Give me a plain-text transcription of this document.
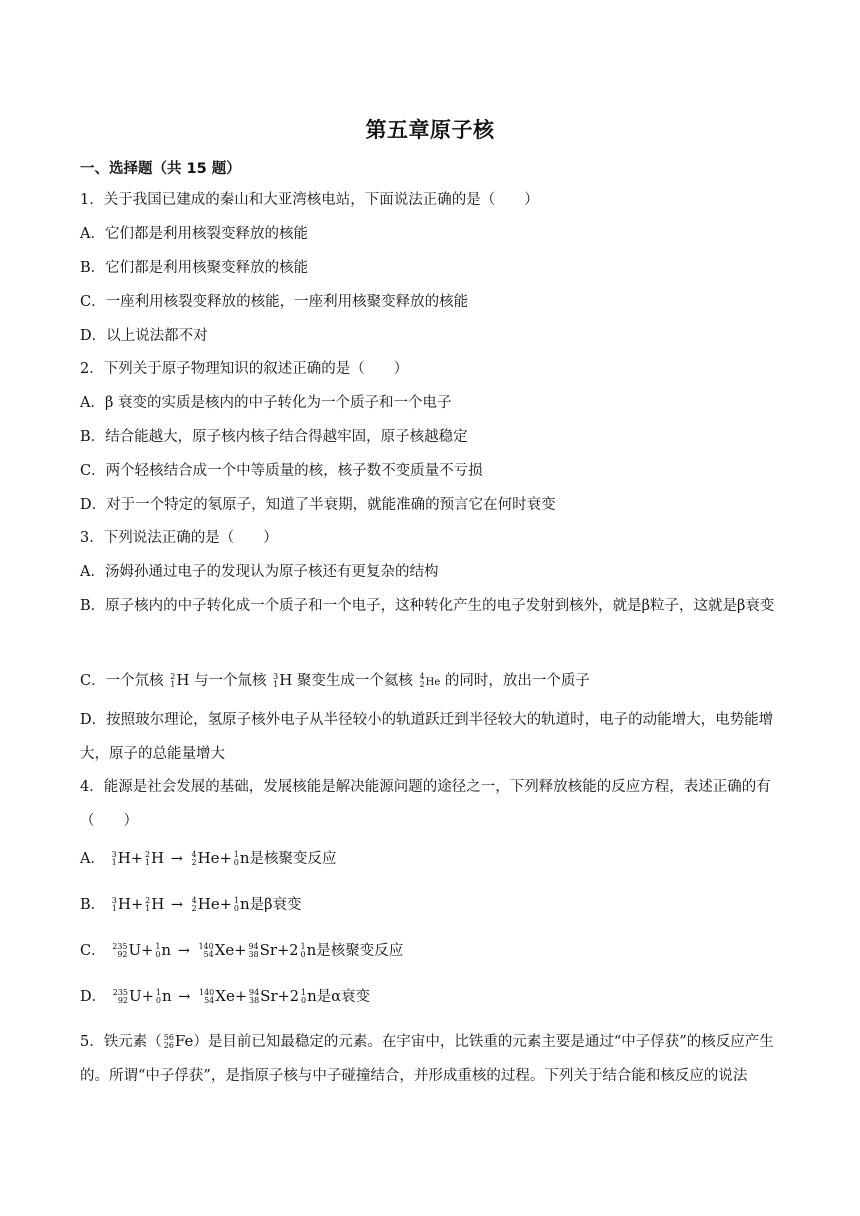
第五章原子核
一、选择题（共 15 题）
1．关于我国已建成的秦山和大亚湾核电站，下面说法正确的是（　　）
A．它们都是利用核裂变释放的核能
B．它们都是利用核聚变释放的核能
C．一座利用核裂变释放的核能，一座利用核聚变释放的核能
D．以上说法都不对
2．下列关于原子物理知识的叙述正确的是（　　）
A．β 衰变的实质是核内的中子转化为一个质子和一个电子
B．结合能越大，原子核内核子结合得越牢固，原子核越稳定
C．两个轻核结合成一个中等质量的核，核子数不变质量不亏损
D．对于一个特定的氡原子，知道了半衰期，就能准确的预言它在何时衰变
3．下列说法正确的是（　　）
A．汤姆孙通过电子的发现认为原子核还有更复杂的结构
B．原子核内的中子转化成一个质子和一个电子，这种转化产生的电子发射到核外，就是β粒子，这就是β衰变
C．一个氘核 2
1 H 与一个氚核 3
1 H 聚变生成一个氦核 4
2 He 的同时，放出一个质子
D．按照玻尔理论，氢原子核外电子从半径较小的轨道跃迁到半径较大的轨道时，电子的动能增大，电势能增大，原子的总能量增大
4．能源是社会发展的基础，发展核能是解决能源问题的途径之一，下列释放核能的反应方程，表述正确的有（　　）
A． 3
1 H+ 2
1 H → 4
2 He+ 1
0 n是核聚变反应
B． 3
1 H+ 2
1 H → 4
2 He+ 1
0 n是β衰变
C． 235
92 U+ 1
0 n → 140
54 Xe+ 94
38 Sr+2 1
0 n是核聚变反应
D． 235
92 U+ 1
0 n → 140
54 Xe+ 94
38 Sr+2 1
0 n是α衰变
5．铁元素（ 56
26 Fe）是目前已知最稳定的元素。在宇宙中，比铁重的元素主要是通过“中子俘获”的核反应产生的。所谓“中子俘获”，是指原子核与中子碰撞结合，并形成重核的过程。下列关于结合能和核反应的说法
